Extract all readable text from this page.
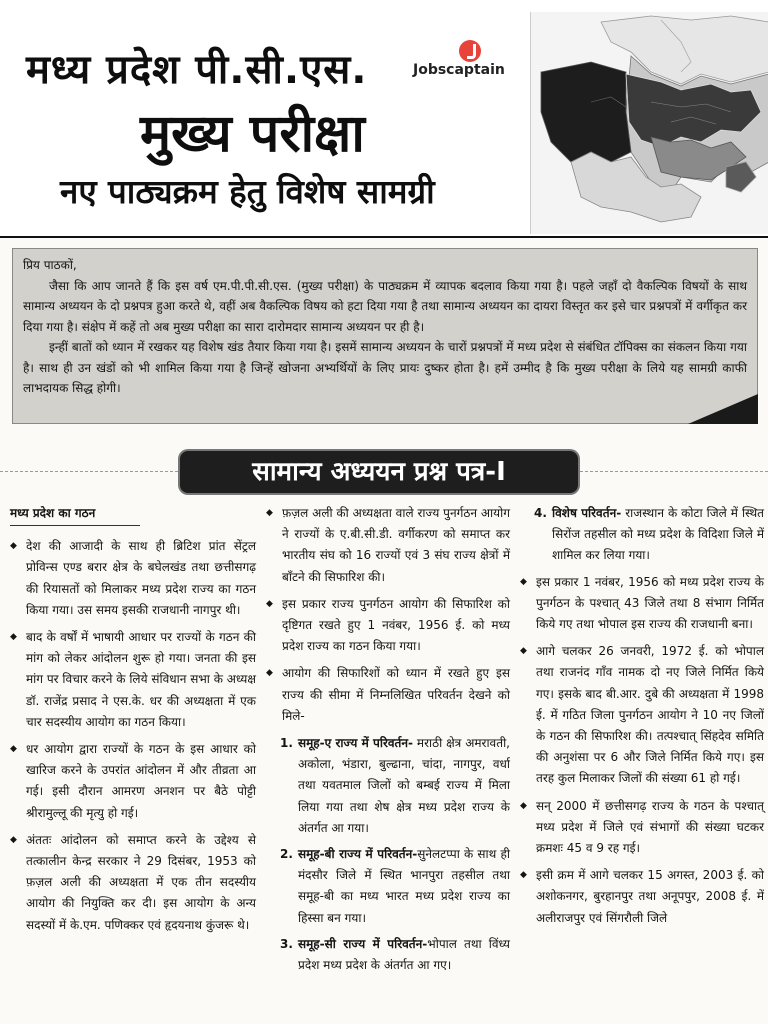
मध्य प्रदेश पी.सी.एस.
मुख्य परीक्षा
नए पाठ्यक्रम हेतु विशेष सामग्री
Jobscaptain

प्रिय पाठकों,

जैसा कि आप जानते हैं कि इस वर्ष एम.पी.पी.सी.एस. (मुख्य परीक्षा) के पाठ्यक्रम में व्यापक बदलाव किया गया है। पहले जहाँ दो वैकल्पिक विषयों के साथ सामान्य अध्ययन के दो प्रश्नपत्र हुआ करते थे, वहीं अब वैकल्पिक विषय को हटा दिया गया है तथा सामान्य अध्ययन का दायरा विस्तृत कर इसे चार प्रश्नपत्रों में वर्गीकृत कर दिया गया है। संक्षेप में कहें तो अब मुख्य परीक्षा का सारा दारोमदार सामान्य अध्ययन पर ही है।

इन्हीं बातों को ध्यान में रखकर यह विशेष खंड तैयार किया गया है। इसमें सामान्य अध्ययन के चारों प्रश्नपत्रों में मध्य प्रदेश से संबंधित टॉपिक्स का संकलन किया गया है। साथ ही उन खंडों को भी शामिल किया गया है जिन्हें खोजना अभ्यर्थियों के लिए प्रायः दुष्कर होता है। हमें उम्मीद है कि मुख्य परीक्षा के लिये यह सामग्री काफी लाभदायक सिद्ध होगी।

सामान्य अध्ययन प्रश्न पत्र-I
मध्य प्रदेश का गठन
◆ देश की आजादी के साथ ही ब्रिटिश प्रांत सेंट्रल प्रोविन्स एण्ड बरार क्षेत्र के बघेलखंड तथा छत्तीसगढ़ की रियासतों को मिलाकर मध्य प्रदेश राज्य का गठन किया गया। उस समय इसकी राजधानी नागपुर थी।
◆ बाद के वर्षों में भाषायी आधार पर राज्यों के गठन की मांग को लेकर आंदोलन शुरू हो गया। जनता की इस मांग पर विचार करने के लिये संविधान सभा के अध्यक्ष डॉ. राजेंद्र प्रसाद ने एस.के. धर की अध्यक्षता में एक चार सदस्यीय आयोग का गठन किया।
◆ धर आयोग द्वारा राज्यों के गठन के इस आधार को खारिज करने के उपरांत आंदोलन में और तीव्रता आ गई। इसी दौरान आमरण अनशन पर बैठे पोट्टी श्रीरामुल्लू की मृत्यु हो गई।
◆ अंततः आंदोलन को समाप्त करने के उद्देश्य से तत्कालीन केन्द्र सरकार ने 29 दिसंबर, 1953 को फ़ज़ल अली की अध्यक्षता में एक तीन सदस्यीय आयोग की नियुक्ति कर दी। इस आयोग के अन्य सदस्यों में के.एम. पणिक्कर एवं हृदयनाथ कुंजरू थे।
◆ फ़ज़ल अली की अध्यक्षता वाले राज्य पुनर्गठन आयोग ने राज्यों के ए.बी.सी.डी. वर्गीकरण को समाप्त कर भारतीय संघ को 16 राज्यों एवं 3 संघ राज्य क्षेत्रों में बाँटने की सिफारिश की।
◆ इस प्रकार राज्य पुनर्गठन आयोग की सिफारिश को दृष्टिगत रखते हुए 1 नवंबर, 1956 ई. को मध्य प्रदेश राज्य का गठन किया गया।
◆ आयोग की सिफारिशों को ध्यान में रखते हुए इस राज्य की सीमा में निम्नलिखित परिवर्तन देखने को मिले-
1. समूह-ए राज्य में परिवर्तन- मराठी क्षेत्र अमरावती, अकोला, भंडारा, बुल्ढाना, चांदा, नागपुर, वर्धा तथा यवतमाल जिलों को बम्बई राज्य में मिला लिया गया तथा शेष क्षेत्र मध्य प्रदेश राज्य के अंतर्गत आ गया।
2. समूह-बी राज्य में परिवर्तन-सुनेलटप्पा के साथ ही मंदसौर जिले में स्थित भानपुरा तहसील तथा समूह-बी का मध्य भारत मध्य प्रदेश राज्य का हिस्सा बन गया।
3. समूह-सी राज्य में परिवर्तन-भोपाल तथा विंध्य प्रदेश मध्य प्रदेश के अंतर्गत आ गए।
4. विशेष परिवर्तन- राजस्थान के कोटा जिले में स्थित सिरोंज तहसील को मध्य प्रदेश के विदिशा जिले में शामिल कर लिया गया।
◆ इस प्रकार 1 नवंबर, 1956 को मध्य प्रदेश राज्य के पुनर्गठन के पश्चात् 43 जिले तथा 8 संभाग निर्मित किये गए तथा भोपाल इस राज्य की राजधानी बना।
◆ आगे चलकर 26 जनवरी, 1972 ई. को भोपाल तथा राजनंद गाँव नामक दो नए जिले निर्मित किये गए। इसके बाद बी.आर. दुबे की अध्यक्षता में 1998 ई. में गठित जिला पुनर्गठन आयोग ने 10 नए जिलों के गठन की सिफारिश की। तत्पश्चात् सिंहदेव समिति की अनुशंसा पर 6 और जिले निर्मित किये गए। इस तरह कुल मिलाकर जिलों की संख्या 61 हो गई।
◆ सन् 2000 में छत्तीसगढ़ राज्य के गठन के पश्चात् मध्य प्रदेश में जिले एवं संभागों की संख्या घटकर क्रमशः 45 व 9 रह गई।
◆ इसी क्रम में आगे चलकर 15 अगस्त, 2003 ई. को अशोकनगर, बुरहानपुर तथा अनूपपुर, 2008 ई. में अलीराजपुर एवं सिंगरौली जिले
